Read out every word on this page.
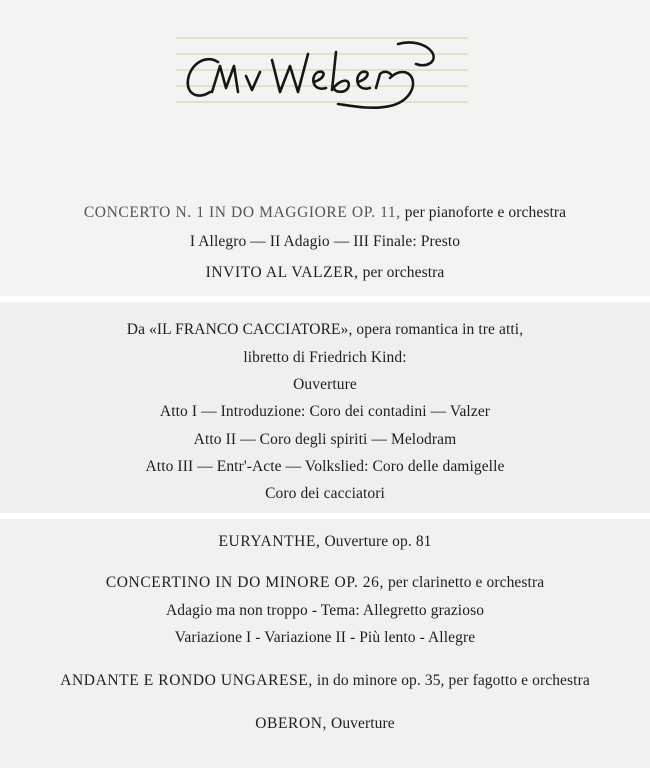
CONCERTO N. 1 IN DO MAGGIORE OP. 11, per pianoforte e orchestra
I Allegro — II Adagio — III Finale: Presto
INVITO AL VALZER, per orchestra
Da «IL FRANCO CACCIATORE», opera romantica in tre atti,
libretto di Friedrich Kind:
Ouverture
Atto I — Introduzione: Coro dei contadini — Valzer
Atto II — Coro degli spiriti — Melodram
Atto III — Entr'-Acte — Volkslied: Coro delle damigelle
Coro dei cacciatori
EURYANTHE, Ouverture op. 81
CONCERTINO IN DO MINORE OP. 26, per clarinetto e orchestra
Adagio ma non troppo - Tema: Allegretto grazioso
Variazione I - Variazione II - Più lento - Allegre
ANDANTE E RONDO UNGARESE, in do minore op. 35, per fagotto e orchestra
OBERON, Ouverture
